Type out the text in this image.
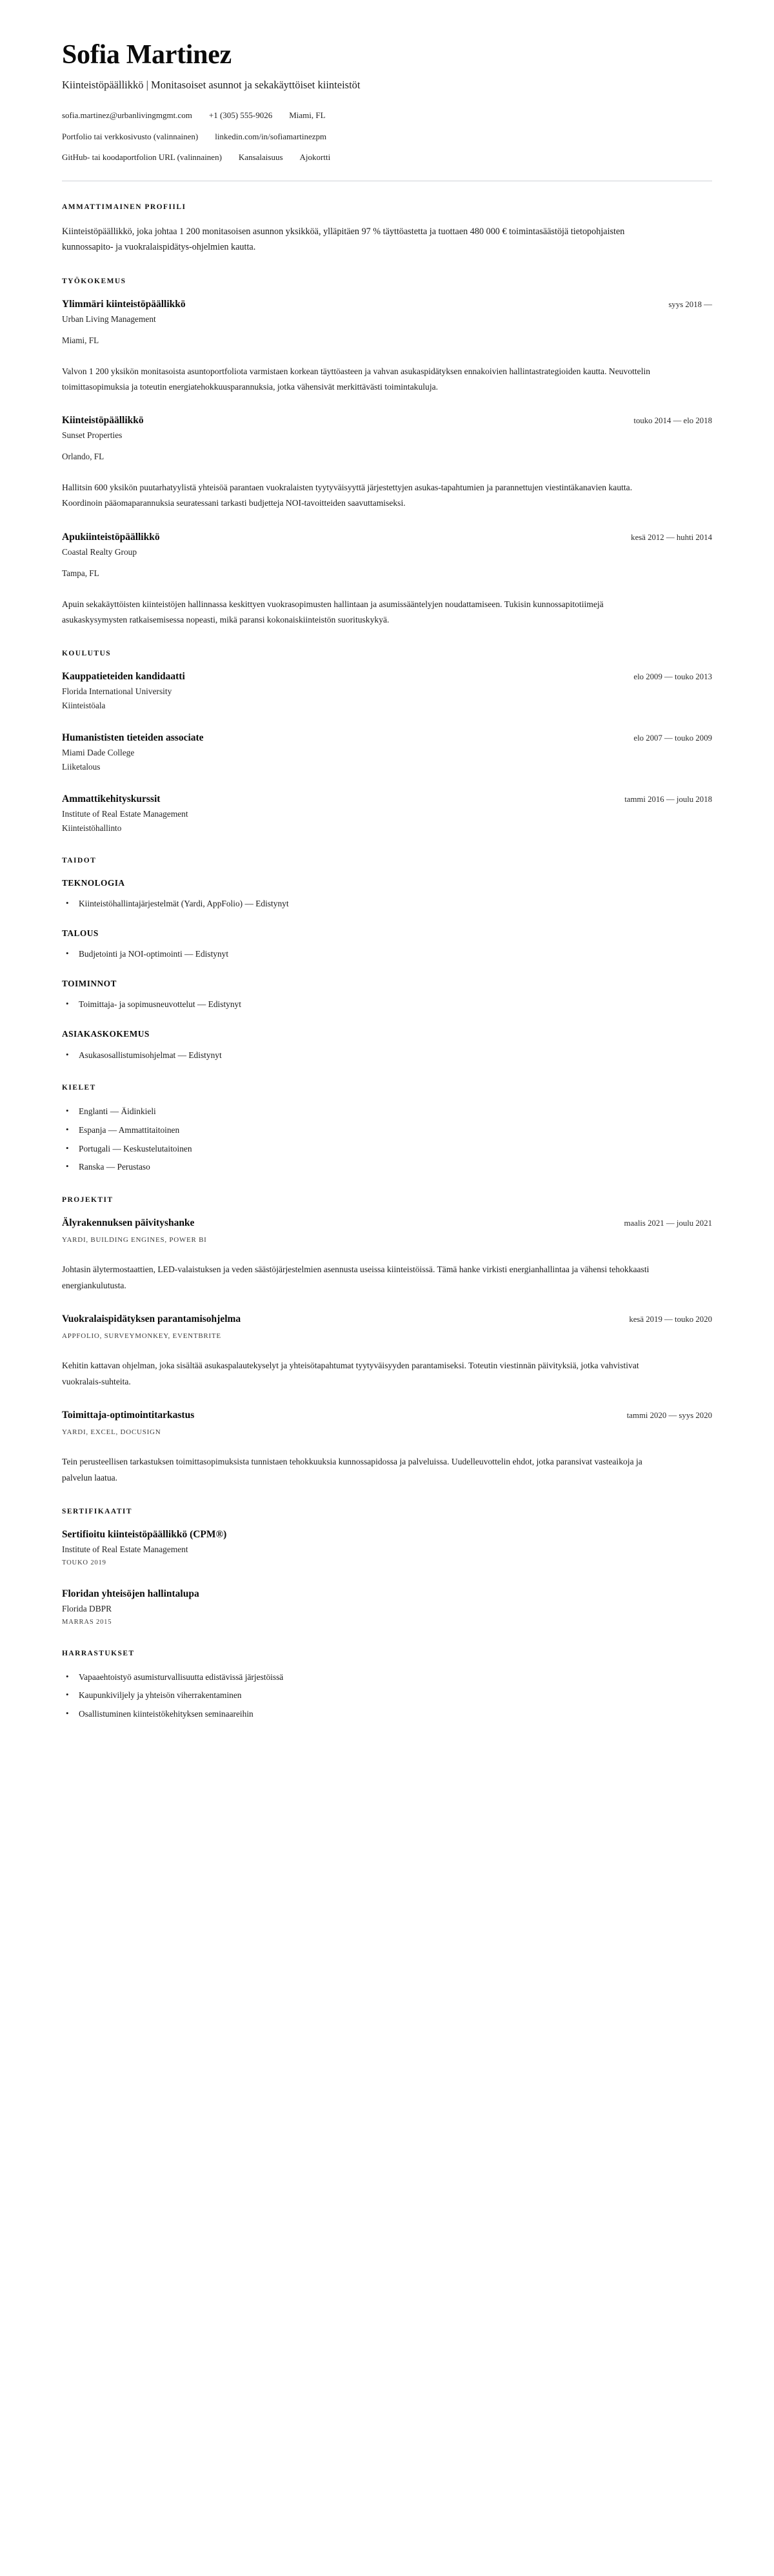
Sofia Martinez
Kiinteistöpäällikkö | Monitasoiset asunnot ja sekakäyttöiset kiinteistöt
sofia.martinez@urbanlivingmgmt.com +1 (305) 555-9026 Miami, FL
Portfolio tai verkkosivusto (valinnainen) linkedin.com/in/sofiamartinezpm
GitHub- tai koodaportfolion URL (valinnainen) Kansalaisuus Ajokortti
AMMATTIMAINEN PROFIILI

Kiinteistöpäällikkö, joka johtaa 1 200 monitasoisen asunnon yksikköä, ylläpitäen 97 % täyttöastetta ja tuottaen 480 000 € toimintasäästöjä tietopohjaisten kunnossapito- ja vuokralaispidätys-ohjelmien kautta.

TYÖKOKEMUS
Ylimmäri kiinteistöpäällikkö	syys 2018 —
Urban Living Management
Miami, FL

Valvon 1 200 yksikön monitasoista asuntoportfoliota varmistaen korkean täyttöasteen ja vahvan asukaspidätyksen ennakoivien hallintastrategioiden kautta. Neuvottelin toimittasopimuksia ja toteutin energiatehokkuusparannuksia, jotka vähensivät merkittävästi toimintakuluja.

Kiinteistöpäällikkö	touko 2014 — elo 2018
Sunset Properties
Orlando, FL

Hallitsin 600 yksikön puutarhatyylistä yhteisöä parantaen vuokralaisten tyytyväisyyttä järjestettyjen asukas-tapahtumien ja parannettujen viestintäkanavien kautta. Koordinoin pääomaparannuksia seuratessani tarkasti budjetteja NOI-tavoitteiden saavuttamiseksi.

Apukiinteistöpäällikkö	kesä 2012 — huhti 2014
Coastal Realty Group
Tampa, FL

Apuin sekakäyttöisten kiinteistöjen hallinnassa keskittyen vuokrasopimusten hallintaan ja asumissääntelyjen noudattamiseen. Tukisin kunnossapitotiimejä asukaskysymysten ratkaisemisessa nopeasti, mikä paransi kokonaiskiinteistön suorituskykyä.

KOULUTUS
Kauppatieteiden kandidaatti	elo 2009 — touko 2013
Florida International University
Kiinteistöala
Humanististen tieteiden associate	elo 2007 — touko 2009
Miami Dade College
Liiketalous
Ammattikehityskurssit	tammi 2016 — joulu 2018
Institute of Real Estate Management
Kiinteistöhallinto
TAIDOT
TEKNOLOGIA
• Kiinteistöhallintajärjestelmät (Yardi, AppFolio) — Edistynyt
TALOUS
• Budjetointi ja NOI-optimointi — Edistynyt
TOIMINNOT
• Toimittaja- ja sopimusneuvottelut — Edistynyt
ASIAKASKOKEMUS
• Asukasosallistumisohjelmat — Edistynyt
KIELET
• Englanti — Äidinkieli
• Espanja — Ammattitaitoinen
• Portugali — Keskustelutaitoinen
• Ranska — Perustaso
PROJEKTIT
Älyrakennuksen päivityshanke	maalis 2021 — joulu 2021
YARDI, BUILDING ENGINES, POWER BI

Johtasin älytermostaattien, LED-valaistuksen ja veden säästöjärjestelmien asennusta useissa kiinteistöissä. Tämä hanke virkisti energianhallintaa ja vähensi tehokkaasti energiankulutusta.

Vuokralaispidätyksen parantamisohjelma	kesä 2019 — touko 2020
APPFOLIO, SURVEYMONKEY, EVENTBRITE

Kehitin kattavan ohjelman, joka sisältää asukaspalautekyselyt ja yhteisötapahtumat tyytyväisyyden parantamiseksi. Toteutin viestinnän päivityksiä, jotka vahvistivat vuokralais-suhteita.

Toimittaja-optimointitarkastus	tammi 2020 — syys 2020
YARDI, EXCEL, DOCUSIGN

Tein perusteellisen tarkastuksen toimittasopimuksista tunnistaen tehokkuuksia kunnossapidossa ja palveluissa. Uudelleuvottelin ehdot, jotka paransivat vasteaikoja ja palvelun laatua.

SERTIFIKAATIT
Sertifioitu kiinteistöpäällikkö (CPM®)
Institute of Real Estate Management
TOUKO 2019
Floridan yhteisöjen hallintalupa
Florida DBPR
MARRAS 2015
HARRASTUKSET
• Vapaaehtoistyö asumisturvallisuutta edistävissä järjestöissä
• Kaupunkiviljely ja yhteisön viherrakentaminen
• Osallistuminen kiinteistökehityksen seminaareihin
